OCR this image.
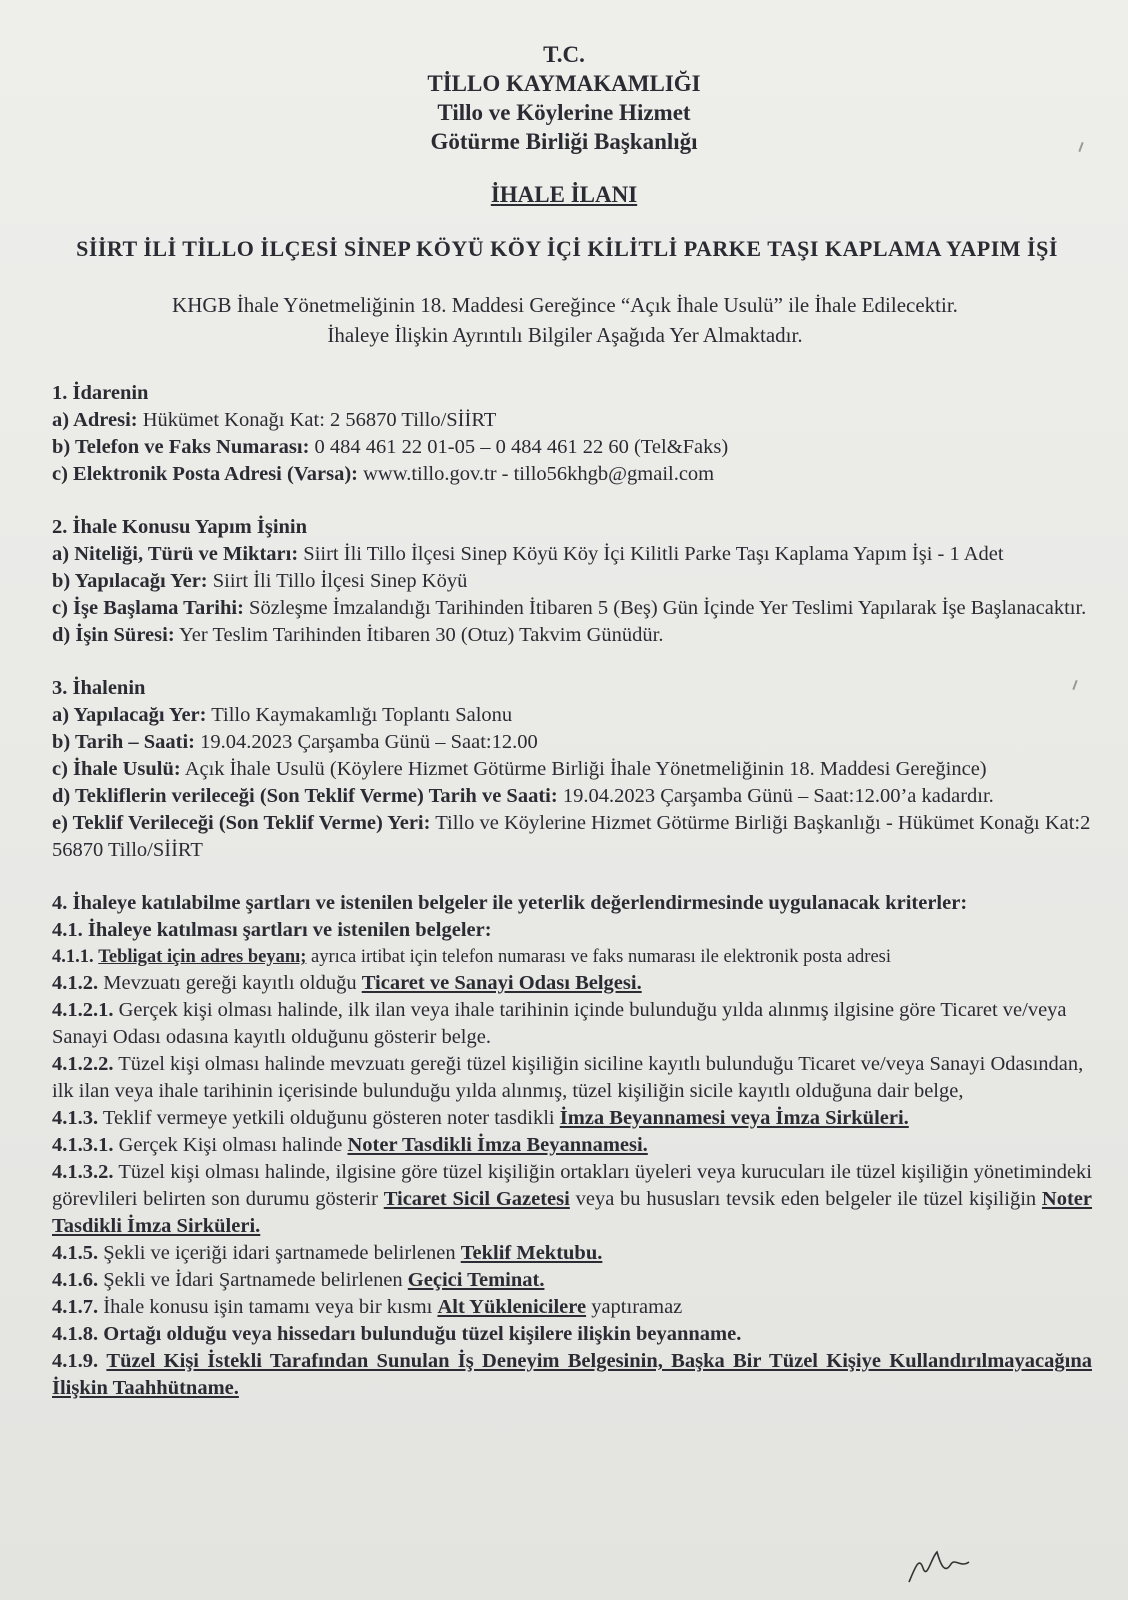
T.C.
TİLLO KAYMAKAMLIĞI
Tillo ve Köylerine Hizmet
Götürme Birliği Başkanlığı
İHALE İLANI
SİİRT İLİ TİLLO İLÇESİ SİNEP KÖYÜ KÖY İÇİ KİLİTLİ PARKE TAŞI KAPLAMA YAPIM İŞİ
KHGB İhale Yönetmeliğinin 18. Maddesi Gereğince “Açık İhale Usulü” ile İhale Edilecektir.
İhaleye İlişkin Ayrıntılı Bilgiler Aşağıda Yer Almaktadır.
1. İdarenin
a) Adresi: Hükümet Konağı Kat: 2 56870 Tillo/SİİRT
b) Telefon ve Faks Numarası: 0 484 461 22 01-05 – 0 484 461 22 60 (Tel&Faks)
c) Elektronik Posta Adresi (Varsa): www.tillo.gov.tr - tillo56khgb@gmail.com
2. İhale Konusu Yapım İşinin
a) Niteliği, Türü ve Miktarı: Siirt İli Tillo İlçesi Sinep Köyü Köy İçi Kilitli Parke Taşı Kaplama Yapım İşi - 1 Adet
b) Yapılacağı Yer: Siirt İli Tillo İlçesi Sinep Köyü
c) İşe Başlama Tarihi: Sözleşme İmzalandığı Tarihinden İtibaren 5 (Beş) Gün İçinde Yer Teslimi Yapılarak İşe Başlanacaktır.
d) İşin Süresi: Yer Teslim Tarihinden İtibaren 30 (Otuz) Takvim Günüdür.
3. İhalenin
a) Yapılacağı Yer: Tillo Kaymakamlığı Toplantı Salonu
b) Tarih – Saati: 19.04.2023 Çarşamba Günü – Saat:12.00
c) İhale Usulü: Açık İhale Usulü (Köylere Hizmet Götürme Birliği İhale Yönetmeliğinin 18. Maddesi Gereğince)
d) Tekliflerin verileceği (Son Teklif Verme) Tarih ve Saati: 19.04.2023 Çarşamba Günü – Saat:12.00’a kadardır.
e) Teklif Verileceği (Son Teklif Verme) Yeri: Tillo ve Köylerine Hizmet Götürme Birliği Başkanlığı - Hükümet Konağı Kat:2 56870 Tillo/SİİRT
4. İhaleye katılabilme şartları ve istenilen belgeler ile yeterlik değerlendirmesinde uygulanacak kriterler:
4.1. İhaleye katılması şartları ve istenilen belgeler:
4.1.1. Tebligat için adres beyanı; ayrıca irtibat için telefon numarası ve faks numarası ile elektronik posta adresi
4.1.2. Mevzuatı gereği kayıtlı olduğu Ticaret ve Sanayi Odası Belgesi.
4.1.2.1. Gerçek kişi olması halinde, ilk ilan veya ihale tarihinin içinde bulunduğu yılda alınmış ilgisine göre Ticaret ve/veya Sanayi Odası odasına kayıtlı olduğunu gösterir belge.
4.1.2.2. Tüzel kişi olması halinde mevzuatı gereği tüzel kişiliğin siciline kayıtlı bulunduğu Ticaret ve/veya Sanayi Odasından, ilk ilan veya ihale tarihinin içerisinde bulunduğu yılda alınmış, tüzel kişiliğin sicile kayıtlı olduğuna dair belge,
4.1.3. Teklif vermeye yetkili olduğunu gösteren noter tasdikli İmza Beyannamesi veya İmza Sirküleri.
4.1.3.1. Gerçek Kişi olması halinde Noter Tasdikli İmza Beyannamesi.
4.1.3.2. Tüzel kişi olması halinde, ilgisine göre tüzel kişiliğin ortakları üyeleri veya kurucuları ile tüzel kişiliğin yönetimindeki görevlileri belirten son durumu gösterir Ticaret Sicil Gazetesi veya bu hususları tevsik eden belgeler ile tüzel kişiliğin Noter Tasdikli İmza Sirküleri.
4.1.5. Şekli ve içeriği idari şartnamede belirlenen Teklif Mektubu.
4.1.6. Şekli ve İdari Şartnamede belirlenen Geçici Teminat.
4.1.7. İhale konusu işin tamamı veya bir kısmı Alt Yüklenicilere yaptıramaz
4.1.8. Ortağı olduğu veya hissedarı bulunduğu tüzel kişilere ilişkin beyanname.
4.1.9. Tüzel Kişi İstekli Tarafından Sunulan İş Deneyim Belgesinin, Başka Bir Tüzel Kişiye Kullandırılmayacağına İlişkin Taahhütname.
